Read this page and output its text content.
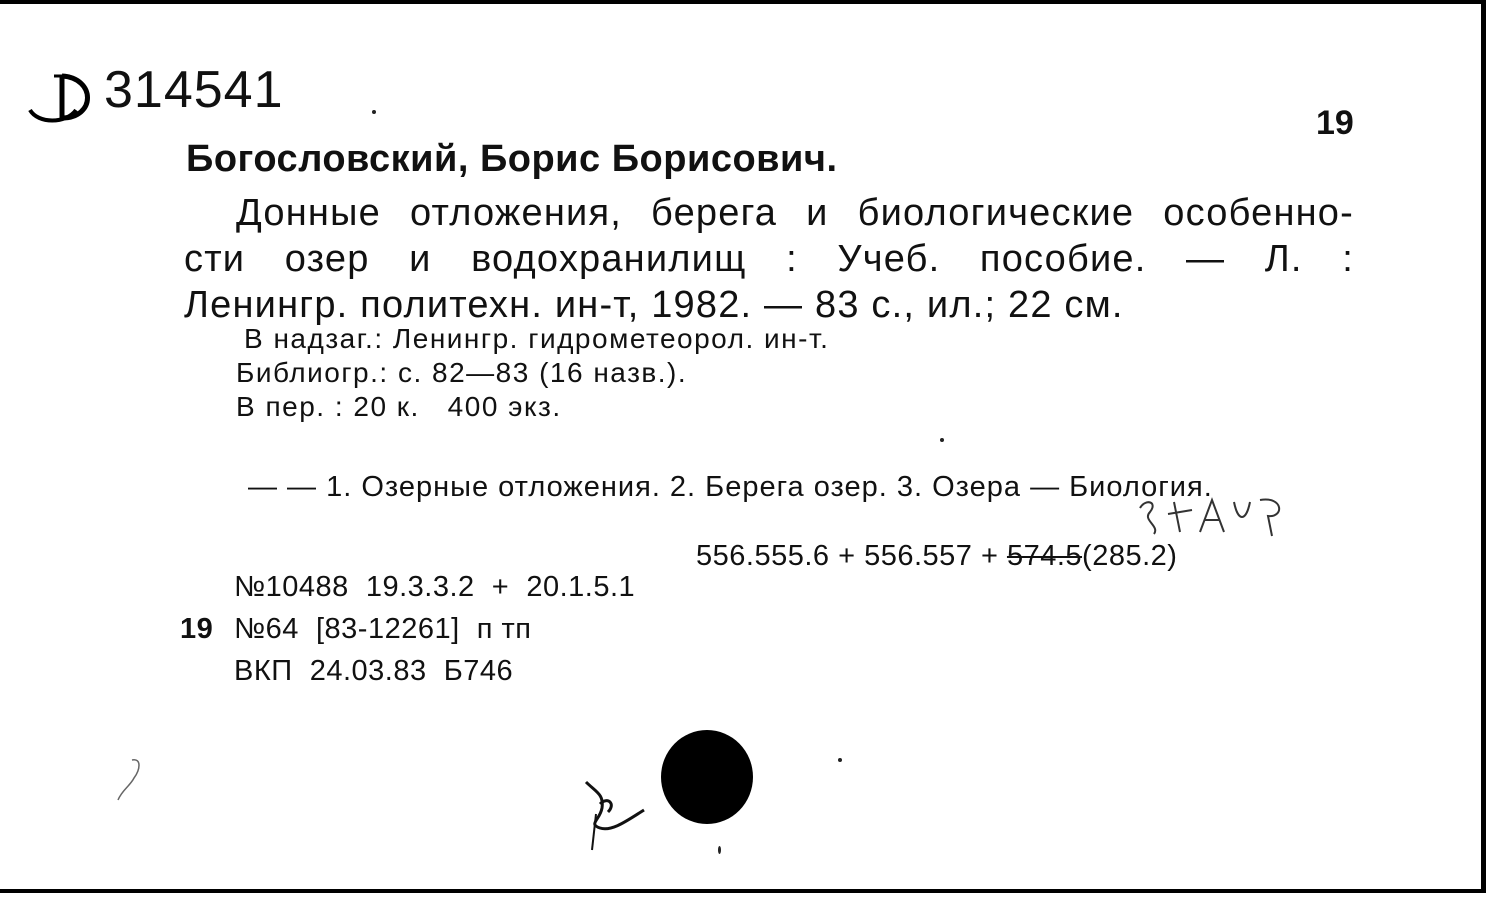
314541
19
Богословский, Борис Борисович.
Донные отложения, берега и биологические особенно-
сти озер и водохранилищ : Учеб. пособие. — Л. :
Ленингр. политехн. ин-т, 1982. — 83 с., ил.; 22 см.
В надзаг.: Ленингр. гидрометеорол. ин-т.
Библиогр.: с. 82—83 (16 назв.).
В пер. : 20 к.   400 экз.
— — 1. Озерные отложения. 2. Берега озер. 3. Озера — Биология.
556.555.6 + 556.557 + 574.5(285.2)
№10488  19.3.3.2  +  20.1.5.1
19 №64  [83-12261]  п тп
ВКП  24.03.83  Б746
